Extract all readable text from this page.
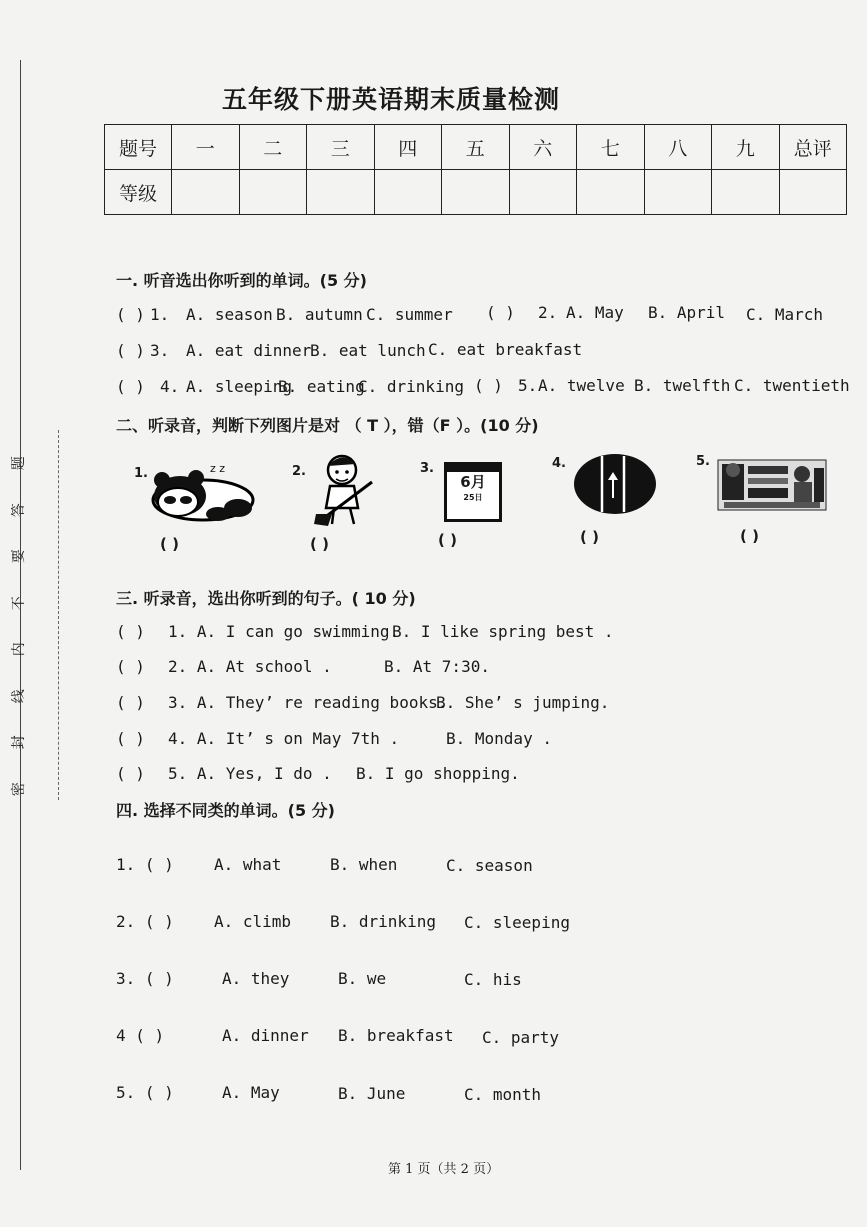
题
答
要
不
内
线
封
密
五年级下册英语期末质量检测
题号	一	二	三	四	五	六	七	八	九	总评
等级										
一. 听音选出你听到的单词。(5 分)
( ) 1. A. season B. autumn C. summer ( ) 2. A. May B. April C. March
( ) 3. A. eat dinner
B. eat lunch C. eat breakfast
( ) 4. A. sleeping
B. eating
C. drinking ( ) 5. A. twelve B. twelfth C. twentieth
二、听录音，判断下列图片是对 （ T ），错（F ）。(10 分)
1.	z z
( )
2.
( )
3.
6月
25日
( )
4.
( )
5.
( )
三. 听录音，选出你听到的句子。( 10 分)
( ) 1. A. I can go swimming.
B. I like spring best .
( ) 2. A. At school .	B. At 7:30.
( ) 3. A. They’ re reading books.
B. She’ s jumping.
( ) 4. A. It’ s on May 7th .	B. Monday .
( ) 5. A. Yes, I do . B. I go shopping.
四. 选择不同类的单词。(5 分)
1. ( )	A. what	B. when	C. season
2. ( )	A. climb B. drinking C. sleeping
3. ( )	A. they	B. we	C. his
4 ( )	A. dinner B. breakfast C. party
5. ( )	A. May	B. June	C. month
第 1 页（共 2 页）
